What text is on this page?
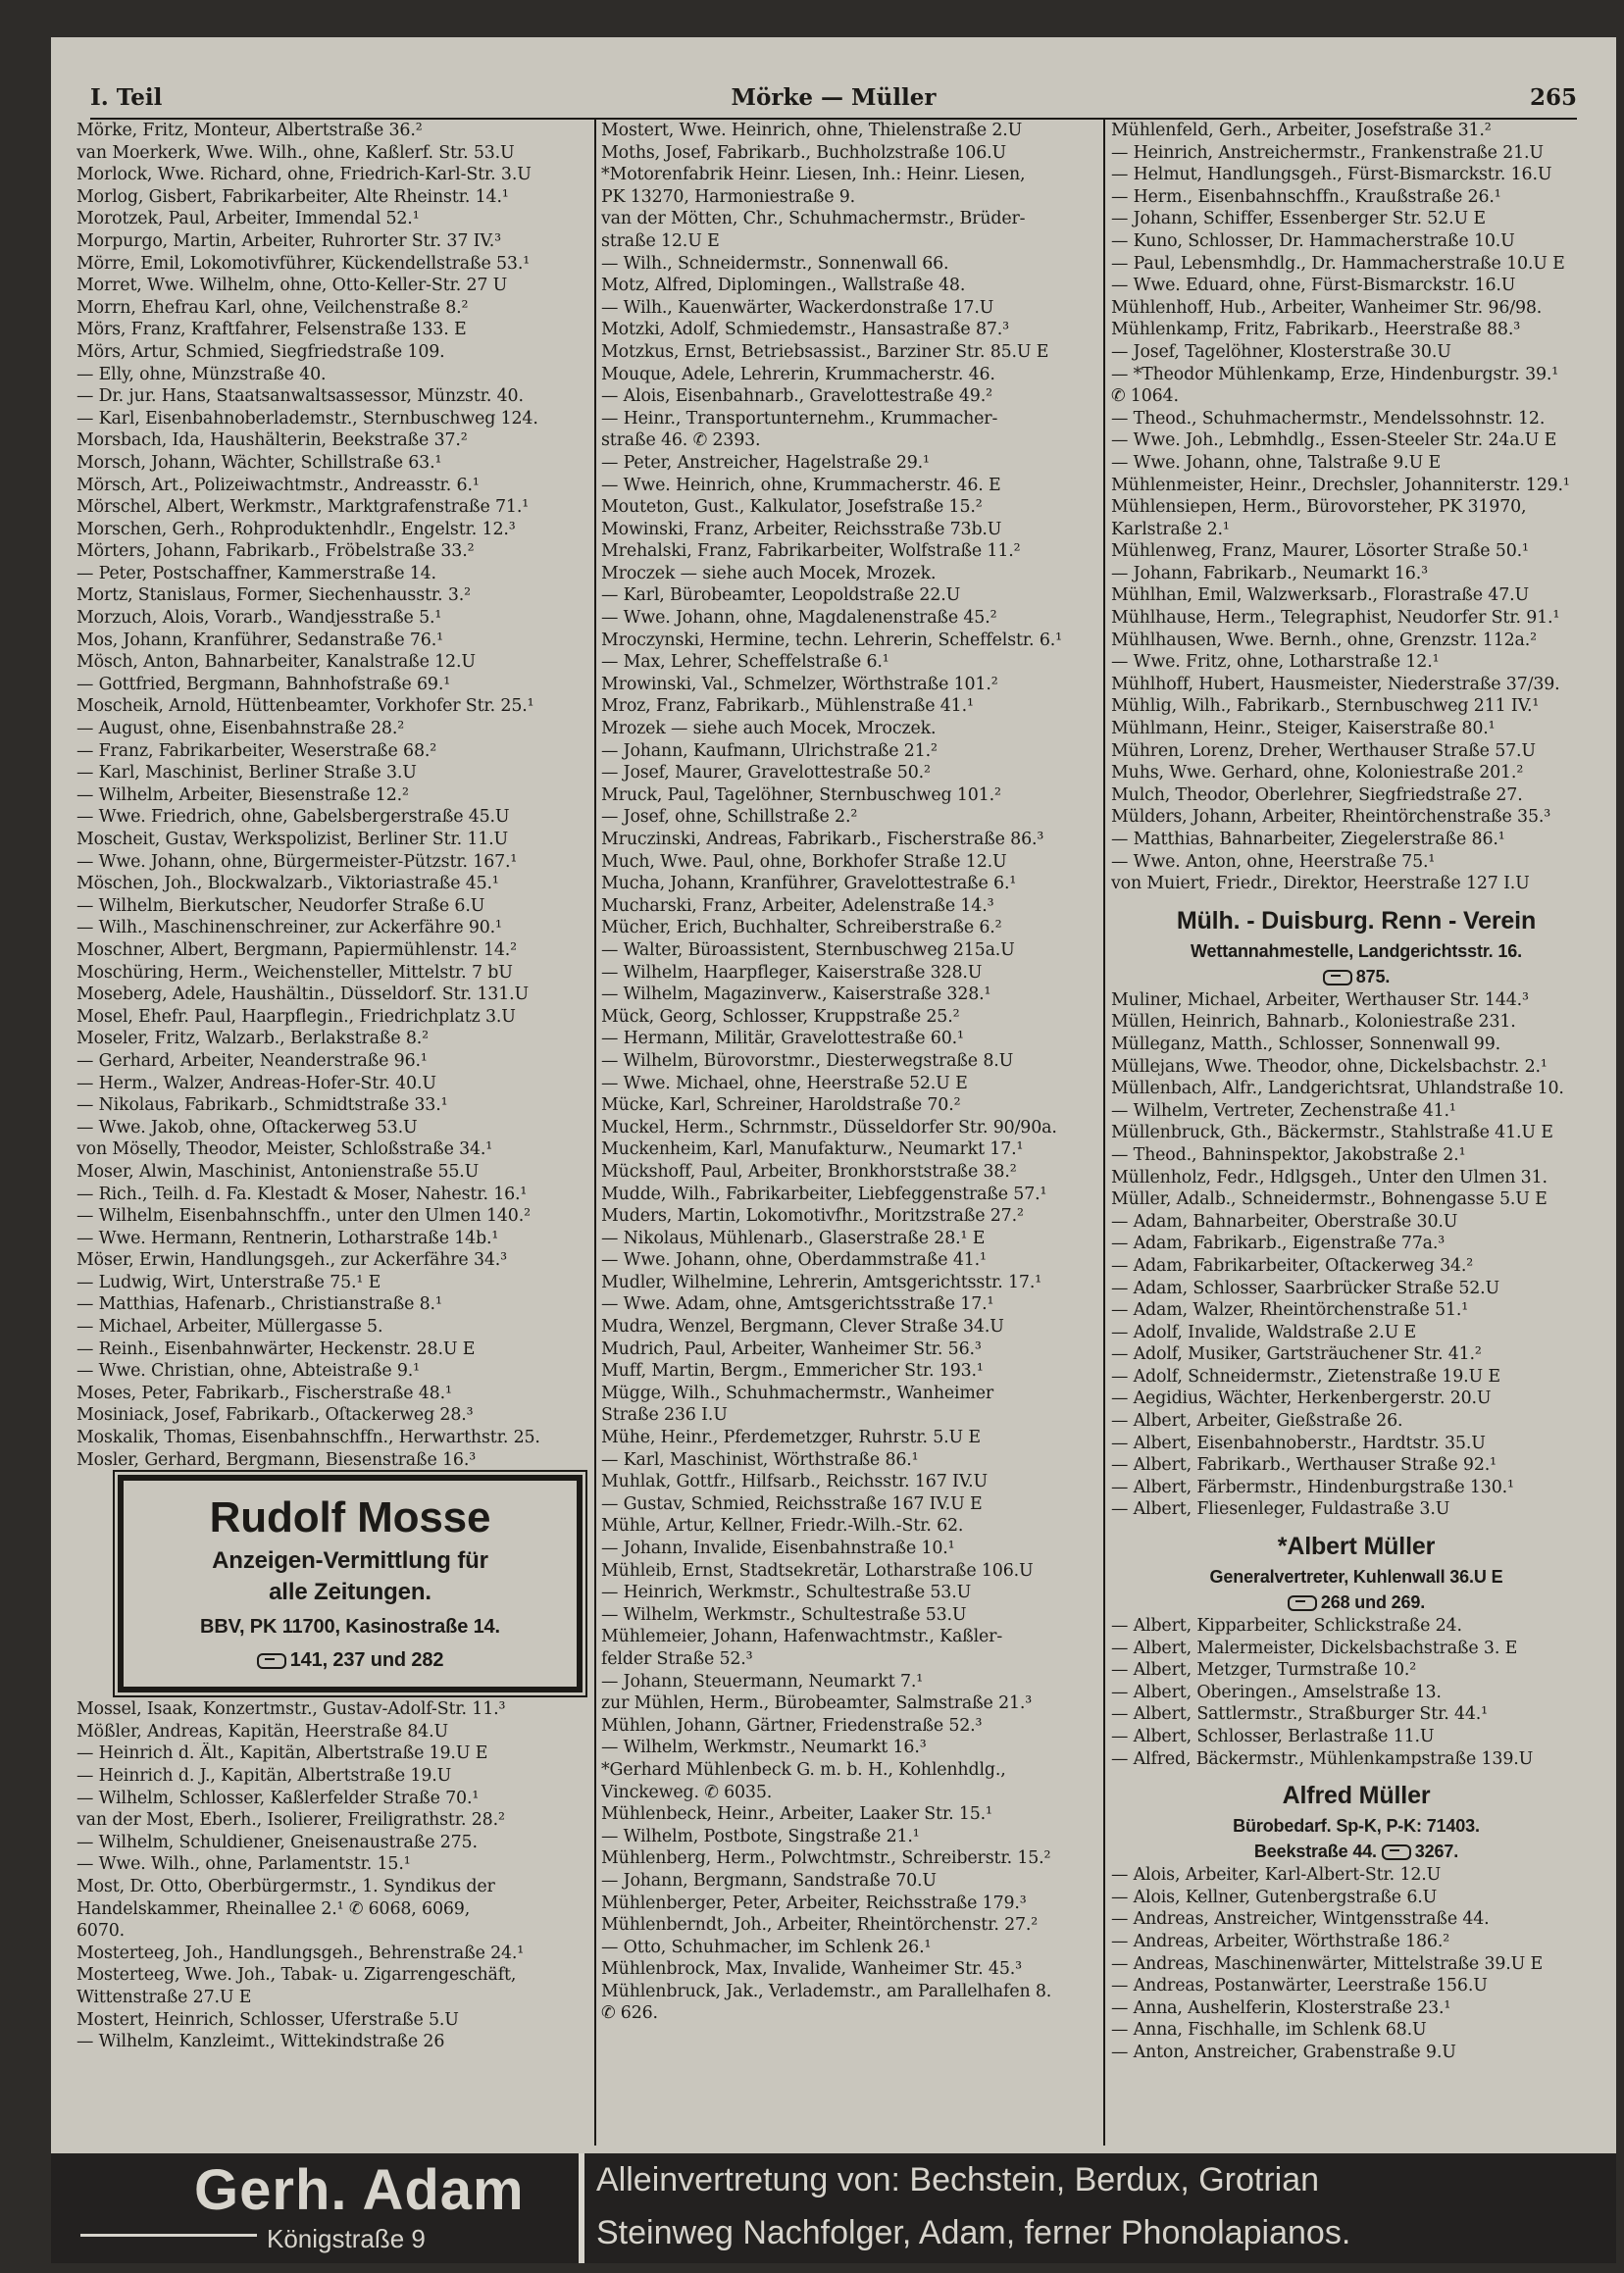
I. Teil	Mörke — Müller	265
Mörke, Fritz, Monteur, Albertstraße 36.²
van Moerkerk, Wwe. Wilh., ohne, Kaßlerf. Str. 53.U
Morlock, Wwe. Richard, ohne, Friedrich-Karl-Str. 3.U
Morlog, Gisbert, Fabrikarbeiter, Alte Rheinstr. 14.¹
Morotzek, Paul, Arbeiter, Immendal 52.¹
Morpurgo, Martin, Arbeiter, Ruhrorter Str. 37 IV.³
Mörre, Emil, Lokomotivführer, Kückendellstraße 53.¹
Morret, Wwe. Wilhelm, ohne, Otto-Keller-Str. 27 U
Morrn, Ehefrau Karl, ohne, Veilchenstraße 8.²
Mörs, Franz, Kraftfahrer, Felsenstraße 133. E
Mörs, Artur, Schmied, Siegfriedstraße 109.
— Elly, ohne, Münzstraße 40.
— Dr. jur. Hans, Staatsanwaltsassessor, Münzstr. 40.
— Karl, Eisenbahnoberlademstr., Sternbuschweg 124.
Morsbach, Ida, Haushälterin, Beekstraße 37.²
Morsch, Johann, Wächter, Schillstraße 63.¹
Mörsch, Art., Polizeiwachtmstr., Andreasstr. 6.¹
Mörschel, Albert, Werkmstr., Marktgrafenstraße 71.¹
Morschen, Gerh., Rohproduktenhdlr., Engelstr. 12.³
Mörters, Johann, Fabrikarb., Fröbelstraße 33.²
— Peter, Postschaffner, Kammerstraße 14.
Mortz, Stanislaus, Former, Siechenhausstr. 3.²
Morzuch, Alois, Vorarb., Wandjesstraße 5.¹
Mos, Johann, Kranführer, Sedanstraße 76.¹
Mösch, Anton, Bahnarbeiter, Kanalstraße 12.U
— Gottfried, Bergmann, Bahnhofstraße 69.¹
Moscheik, Arnold, Hüttenbeamter, Vorkhofer Str. 25.¹
— August, ohne, Eisenbahnstraße 28.²
— Franz, Fabrikarbeiter, Weserstraße 68.²
— Karl, Maschinist, Berliner Straße 3.U
— Wilhelm, Arbeiter, Biesenstraße 12.²
— Wwe. Friedrich, ohne, Gabelsbergerstraße 45.U
Moscheit, Gustav, Werkspolizist, Berliner Str. 11.U
— Wwe. Johann, ohne, Bürgermeister-Pützstr. 167.¹
Möschen, Joh., Blockwalzarb., Viktoriastraße 45.¹
— Wilhelm, Bierkutscher, Neudorfer Straße 6.U
— Wilh., Maschinenschreiner, zur Ackerfähre 90.¹
Moschner, Albert, Bergmann, Papiermühlenstr. 14.²
Moschüring, Herm., Weichensteller, Mittelstr. 7 bU
Moseberg, Adele, Haushältin., Düsseldorf. Str. 131.U
Mosel, Ehefr. Paul, Haarpflegin., Friedrichplatz 3.U
Moseler, Fritz, Walzarb., Berlakstraße 8.²
— Gerhard, Arbeiter, Neanderstraße 96.¹
— Herm., Walzer, Andreas-Hofer-Str. 40.U
— Nikolaus, Fabrikarb., Schmidtstraße 33.¹
— Wwe. Jakob, ohne, Oſtackerweg 53.U
von Möselly, Theodor, Meister, Schloßstraße 34.¹
Moser, Alwin, Maschinist, Antonienstraße 55.U
— Rich., Teilh. d. Fa. Klestadt & Moser, Nahestr. 16.¹
— Wilhelm, Eisenbahnschffn., unter den Ulmen 140.²
— Wwe. Hermann, Rentnerin, Lotharstraße 14b.¹
Möser, Erwin, Handlungsgeh., zur Ackerfähre 34.³
— Ludwig, Wirt, Unterstraße 75.¹ E
— Matthias, Hafenarb., Christianstraße 8.¹
— Michael, Arbeiter, Müllergasse 5.
— Reinh., Eisenbahnwärter, Heckenstr. 28.U E
— Wwe. Christian, ohne, Abteistraße 9.¹
Moses, Peter, Fabrikarb., Fischerstraße 48.¹
Mosiniack, Josef, Fabrikarb., Oſtackerweg 28.³
Moskalik, Thomas, Eisenbahnschffn., Herwarthstr. 25.
Mosler, Gerhard, Bergmann, Biesenstraße 16.³
Rudolf Mosse
Anzeigen-Vermittlung für
alle Zeitungen.
BBV, PK 11700, Kasinostraße 14.
141, 237 und 282
Mossel, Isaak, Konzertmstr., Gustav-Adolf-Str. 11.³
Mößler, Andreas, Kapitän, Heerstraße 84.U
— Heinrich d. Ält., Kapitän, Albertstraße 19.U E
— Heinrich d. J., Kapitän, Albertstraße 19.U
— Wilhelm, Schlosser, Kaßlerfelder Straße 70.¹
van der Most, Eberh., Isolierer, Freiligrathstr. 28.²
— Wilhelm, Schuldiener, Gneisenaustraße 275.
— Wwe. Wilh., ohne, Parlamentstr. 15.¹
Most, Dr. Otto, Oberbürgermstr., 1. Syndikus der
Handelskammer, Rheinallee 2.¹ ✆ 6068, 6069,
6070.
Mosterteeg, Joh., Handlungsgeh., Behrenstraße 24.¹
Mosterteeg, Wwe. Joh., Tabak- u. Zigarrengeschäft,
Wittenstraße 27.U E
Mostert, Heinrich, Schlosser, Uferstraße 5.U
— Wilhelm, Kanzleimt., Wittekindstraße 26
Mostert, Wwe. Heinrich, ohne, Thielenstraße 2.U
Moths, Josef, Fabrikarb., Buchholzstraße 106.U
*Motorenfabrik Heinr. Liesen, Inh.: Heinr. Liesen,
PK 13270, Harmoniestraße 9.
van der Mötten, Chr., Schuhmachermstr., Brüder-
straße 12.U E
— Wilh., Schneidermstr., Sonnenwall 66.
Motz, Alfred, Diplomingen., Wallstraße 48.
— Wilh., Kauenwärter, Wackerdonstraße 17.U
Motzki, Adolf, Schmiedemstr., Hansastraße 87.³
Motzkus, Ernst, Betriebsassist., Barziner Str. 85.U E
Mouque, Adele, Lehrerin, Krummacherstr. 46.
— Alois, Eisenbahnarb., Gravelottestraße 49.²
— Heinr., Transportunternehm., Krummacher-
straße 46. ✆ 2393.
— Peter, Anstreicher, Hagelstraße 29.¹
— Wwe. Heinrich, ohne, Krummacherstr. 46. E
Mouteton, Gust., Kalkulator, Josefstraße 15.²
Mowinski, Franz, Arbeiter, Reichsstraße 73b.U
Mrehalski, Franz, Fabrikarbeiter, Wolfstraße 11.²
Mroczek — siehe auch Mocek, Mrozek.
— Karl, Bürobeamter, Leopoldstraße 22.U
— Wwe. Johann, ohne, Magdalenenstraße 45.²
Mroczynski, Hermine, techn. Lehrerin, Scheffelstr. 6.¹
— Max, Lehrer, Scheffelstraße 6.¹
Mrowinski, Val., Schmelzer, Wörthstraße 101.²
Mroz, Franz, Fabrikarb., Mühlenstraße 41.¹
Mrozek — siehe auch Mocek, Mroczek.
— Johann, Kaufmann, Ulrichstraße 21.²
— Josef, Maurer, Gravelottestraße 50.²
Mruck, Paul, Tagelöhner, Sternbuschweg 101.²
— Josef, ohne, Schillstraße 2.²
Mruczinski, Andreas, Fabrikarb., Fischerstraße 86.³
Much, Wwe. Paul, ohne, Borkhofer Straße 12.U
Mucha, Johann, Kranführer, Gravelottestraße 6.¹
Mucharski, Franz, Arbeiter, Adelenstraße 14.³
Mücher, Erich, Buchhalter, Schreiberstraße 6.²
— Walter, Büroassistent, Sternbuschweg 215a.U
— Wilhelm, Haarpfleger, Kaiserstraße 328.U
— Wilhelm, Magazinverw., Kaiserstraße 328.¹
Mück, Georg, Schlosser, Kruppstraße 25.²
— Hermann, Militär, Gravelottestraße 60.¹
— Wilhelm, Bürovorstmr., Diesterwegstraße 8.U
— Wwe. Michael, ohne, Heerstraße 52.U E
Mücke, Karl, Schreiner, Haroldstraße 70.²
Muckel, Herm., Schrnmstr., Düsseldorfer Str. 90/90a.
Muckenheim, Karl, Manufakturw., Neumarkt 17.¹
Mückshoff, Paul, Arbeiter, Bronkhorststraße 38.²
Mudde, Wilh., Fabrikarbeiter, Liebfeggenstraße 57.¹
Muders, Martin, Lokomotivfhr., Moritzstraße 27.²
— Nikolaus, Mühlenarb., Glaserstraße 28.¹ E
— Wwe. Johann, ohne, Oberdammstraße 41.¹
Mudler, Wilhelmine, Lehrerin, Amtsgerichtsstr. 17.¹
— Wwe. Adam, ohne, Amtsgerichtsstraße 17.¹
Mudra, Wenzel, Bergmann, Clever Straße 34.U
Mudrich, Paul, Arbeiter, Wanheimer Str. 56.³
Muff, Martin, Bergm., Emmericher Str. 193.¹
Mügge, Wilh., Schuhmachermstr., Wanheimer
Straße 236 I.U
Mühe, Heinr., Pferdemetzger, Ruhrstr. 5.U E
— Karl, Maschinist, Wörthstraße 86.¹
Muhlak, Gottfr., Hilfsarb., Reichsstr. 167 IV.U
— Gustav, Schmied, Reichsstraße 167 IV.U E
Mühle, Artur, Kellner, Friedr.-Wilh.-Str. 62.
— Johann, Invalide, Eisenbahnstraße 10.¹
Mühleib, Ernst, Stadtsekretär, Lotharstraße 106.U
— Heinrich, Werkmstr., Schultestraße 53.U
— Wilhelm, Werkmstr., Schultestraße 53.U
Mühlemeier, Johann, Hafenwachtmstr., Kaßler-
felder Straße 52.³
— Johann, Steuermann, Neumarkt 7.¹
zur Mühlen, Herm., Bürobeamter, Salmstraße 21.³
Mühlen, Johann, Gärtner, Friedenstraße 52.³
— Wilhelm, Werkmstr., Neumarkt 16.³
*Gerhard Mühlenbeck G. m. b. H., Kohlenhdlg.,
Vinckeweg. ✆ 6035.
Mühlenbeck, Heinr., Arbeiter, Laaker Str. 15.¹
— Wilhelm, Postbote, Singstraße 21.¹
Mühlenberg, Herm., Polwchtmstr., Schreiberstr. 15.²
— Johann, Bergmann, Sandstraße 70.U
Mühlenberger, Peter, Arbeiter, Reichsstraße 179.³
Mühlenberndt, Joh., Arbeiter, Rheintörchenstr. 27.²
— Otto, Schuhmacher, im Schlenk 26.¹
Mühlenbrock, Max, Invalide, Wanheimer Str. 45.³
Mühlenbruck, Jak., Verlademstr., am Parallelhafen 8.
✆ 626.
Mühlenfeld, Gerh., Arbeiter, Josefstraße 31.²
— Heinrich, Anstreichermstr., Frankenstraße 21.U
— Helmut, Handlungsgeh., Fürst-Bismarckstr. 16.U
— Herm., Eisenbahnschffn., Kraußstraße 26.¹
— Johann, Schiffer, Essenberger Str. 52.U E
— Kuno, Schlosser, Dr. Hammacherstraße 10.U
— Paul, Lebensmhdlg., Dr. Hammacherstraße 10.U E
— Wwe. Eduard, ohne, Fürst-Bismarckstr. 16.U
Mühlenhoff, Hub., Arbeiter, Wanheimer Str. 96/98.
Mühlenkamp, Fritz, Fabrikarb., Heerstraße 88.³
— Josef, Tagelöhner, Klosterstraße 30.U
— *Theodor Mühlenkamp, Erze, Hindenburgstr. 39.¹
✆ 1064.
— Theod., Schuhmachermstr., Mendelssohnstr. 12.
— Wwe. Joh., Lebmhdlg., Essen-Steeler Str. 24a.U E
— Wwe. Johann, ohne, Talstraße 9.U E
Mühlenmeister, Heinr., Drechsler, Johanniterstr. 129.¹
Mühlensiepen, Herm., Bürovorsteher, PK 31970,
Karlstraße 2.¹
Mühlenweg, Franz, Maurer, Lösorter Straße 50.¹
— Johann, Fabrikarb., Neumarkt 16.³
Mühlhan, Emil, Walzwerksarb., Florastraße 47.U
Mühlhause, Herm., Telegraphist, Neudorfer Str. 91.¹
Mühlhausen, Wwe. Bernh., ohne, Grenzstr. 112a.²
— Wwe. Fritz, ohne, Lotharstraße 12.¹
Mühlhoff, Hubert, Hausmeister, Niederstraße 37/39.
Mühlig, Wilh., Fabrikarb., Sternbuschweg 211 IV.¹
Mühlmann, Heinr., Steiger, Kaiserstraße 80.¹
Mühren, Lorenz, Dreher, Werthauser Straße 57.U
Muhs, Wwe. Gerhard, ohne, Koloniestraße 201.²
Mulch, Theodor, Oberlehrer, Siegfriedstraße 27.
Mülders, Johann, Arbeiter, Rheintörchenstraße 35.³
— Matthias, Bahnarbeiter, Ziegelerstraße 86.¹
— Wwe. Anton, ohne, Heerstraße 75.¹
von Muiert, Friedr., Direktor, Heerstraße 127 I.U
Mülh. - Duisburg. Renn - Verein
Wettannahmestelle, Landgerichtsstr. 16.
875.
Muliner, Michael, Arbeiter, Werthauser Str. 144.³
Müllen, Heinrich, Bahnarb., Koloniestraße 231.
Mülleganz, Matth., Schlosser, Sonnenwall 99.
Müllejans, Wwe. Theodor, ohne, Dickelsbachstr. 2.¹
Müllenbach, Alfr., Landgerichtsrat, Uhlandstraße 10.
— Wilhelm, Vertreter, Zechenstraße 41.¹
Müllenbruck, Gth., Bäckermstr., Stahlstraße 41.U E
— Theod., Bahninspektor, Jakobstraße 2.¹
Müllenholz, Fedr., Hdlgsgeh., Unter den Ulmen 31.
Müller, Adalb., Schneidermstr., Bohnengasse 5.U E
— Adam, Bahnarbeiter, Oberstraße 30.U
— Adam, Fabrikarb., Eigenstraße 77a.³
— Adam, Fabrikarbeiter, Oſtackerweg 34.²
— Adam, Schlosser, Saarbrücker Straße 52.U
— Adam, Walzer, Rheintörchenstraße 51.¹
— Adolf, Invalide, Waldstraße 2.U E
— Adolf, Musiker, Gartsträuchener Str. 41.²
— Adolf, Schneidermstr., Zietenstraße 19.U E
— Aegidius, Wächter, Herkenbergerstr. 20.U
— Albert, Arbeiter, Gießstraße 26.
— Albert, Eisenbahnoberstr., Hardtstr. 35.U
— Albert, Fabrikarb., Werthauser Straße 92.¹
— Albert, Färbermstr., Hindenburgstraße 130.¹
— Albert, Fliesenleger, Fuldastraße 3.U
*Albert Müller
Generalvertreter, Kuhlenwall 36.U E
268 und 269.
— Albert, Kipparbeiter, Schlickstraße 24.
— Albert, Malermeister, Dickelsbachstraße 3. E
— Albert, Metzger, Turmstraße 10.²
— Albert, Oberingen., Amselstraße 13.
— Albert, Sattlermstr., Straßburger Str. 44.¹
— Albert, Schlosser, Berlastraße 11.U
— Alfred, Bäckermstr., Mühlenkampstraße 139.U
Alfred Müller
Bürobedarf. Sp-K, P-K: 71403.
Beekstraße 44. 3267.
— Alois, Arbeiter, Karl-Albert-Str. 12.U
— Alois, Kellner, Gutenbergstraße 6.U
— Andreas, Anstreicher, Wintgensstraße 44.
— Andreas, Arbeiter, Wörthstraße 186.²
— Andreas, Maschinenwärter, Mittelstraße 39.U E
— Andreas, Postanwärter, Leerstraße 156.U
— Anna, Aushelferin, Klosterstraße 23.¹
— Anna, Fischhalle, im Schlenk 68.U
— Anton, Anstreicher, Grabenstraße 9.U
Gerh. Adam
Königstraße 9
Alleinvertretung von: Bechstein, Berdux, Grotrian
Steinweg Nachfolger, Adam, ferner Phonolapianos.
